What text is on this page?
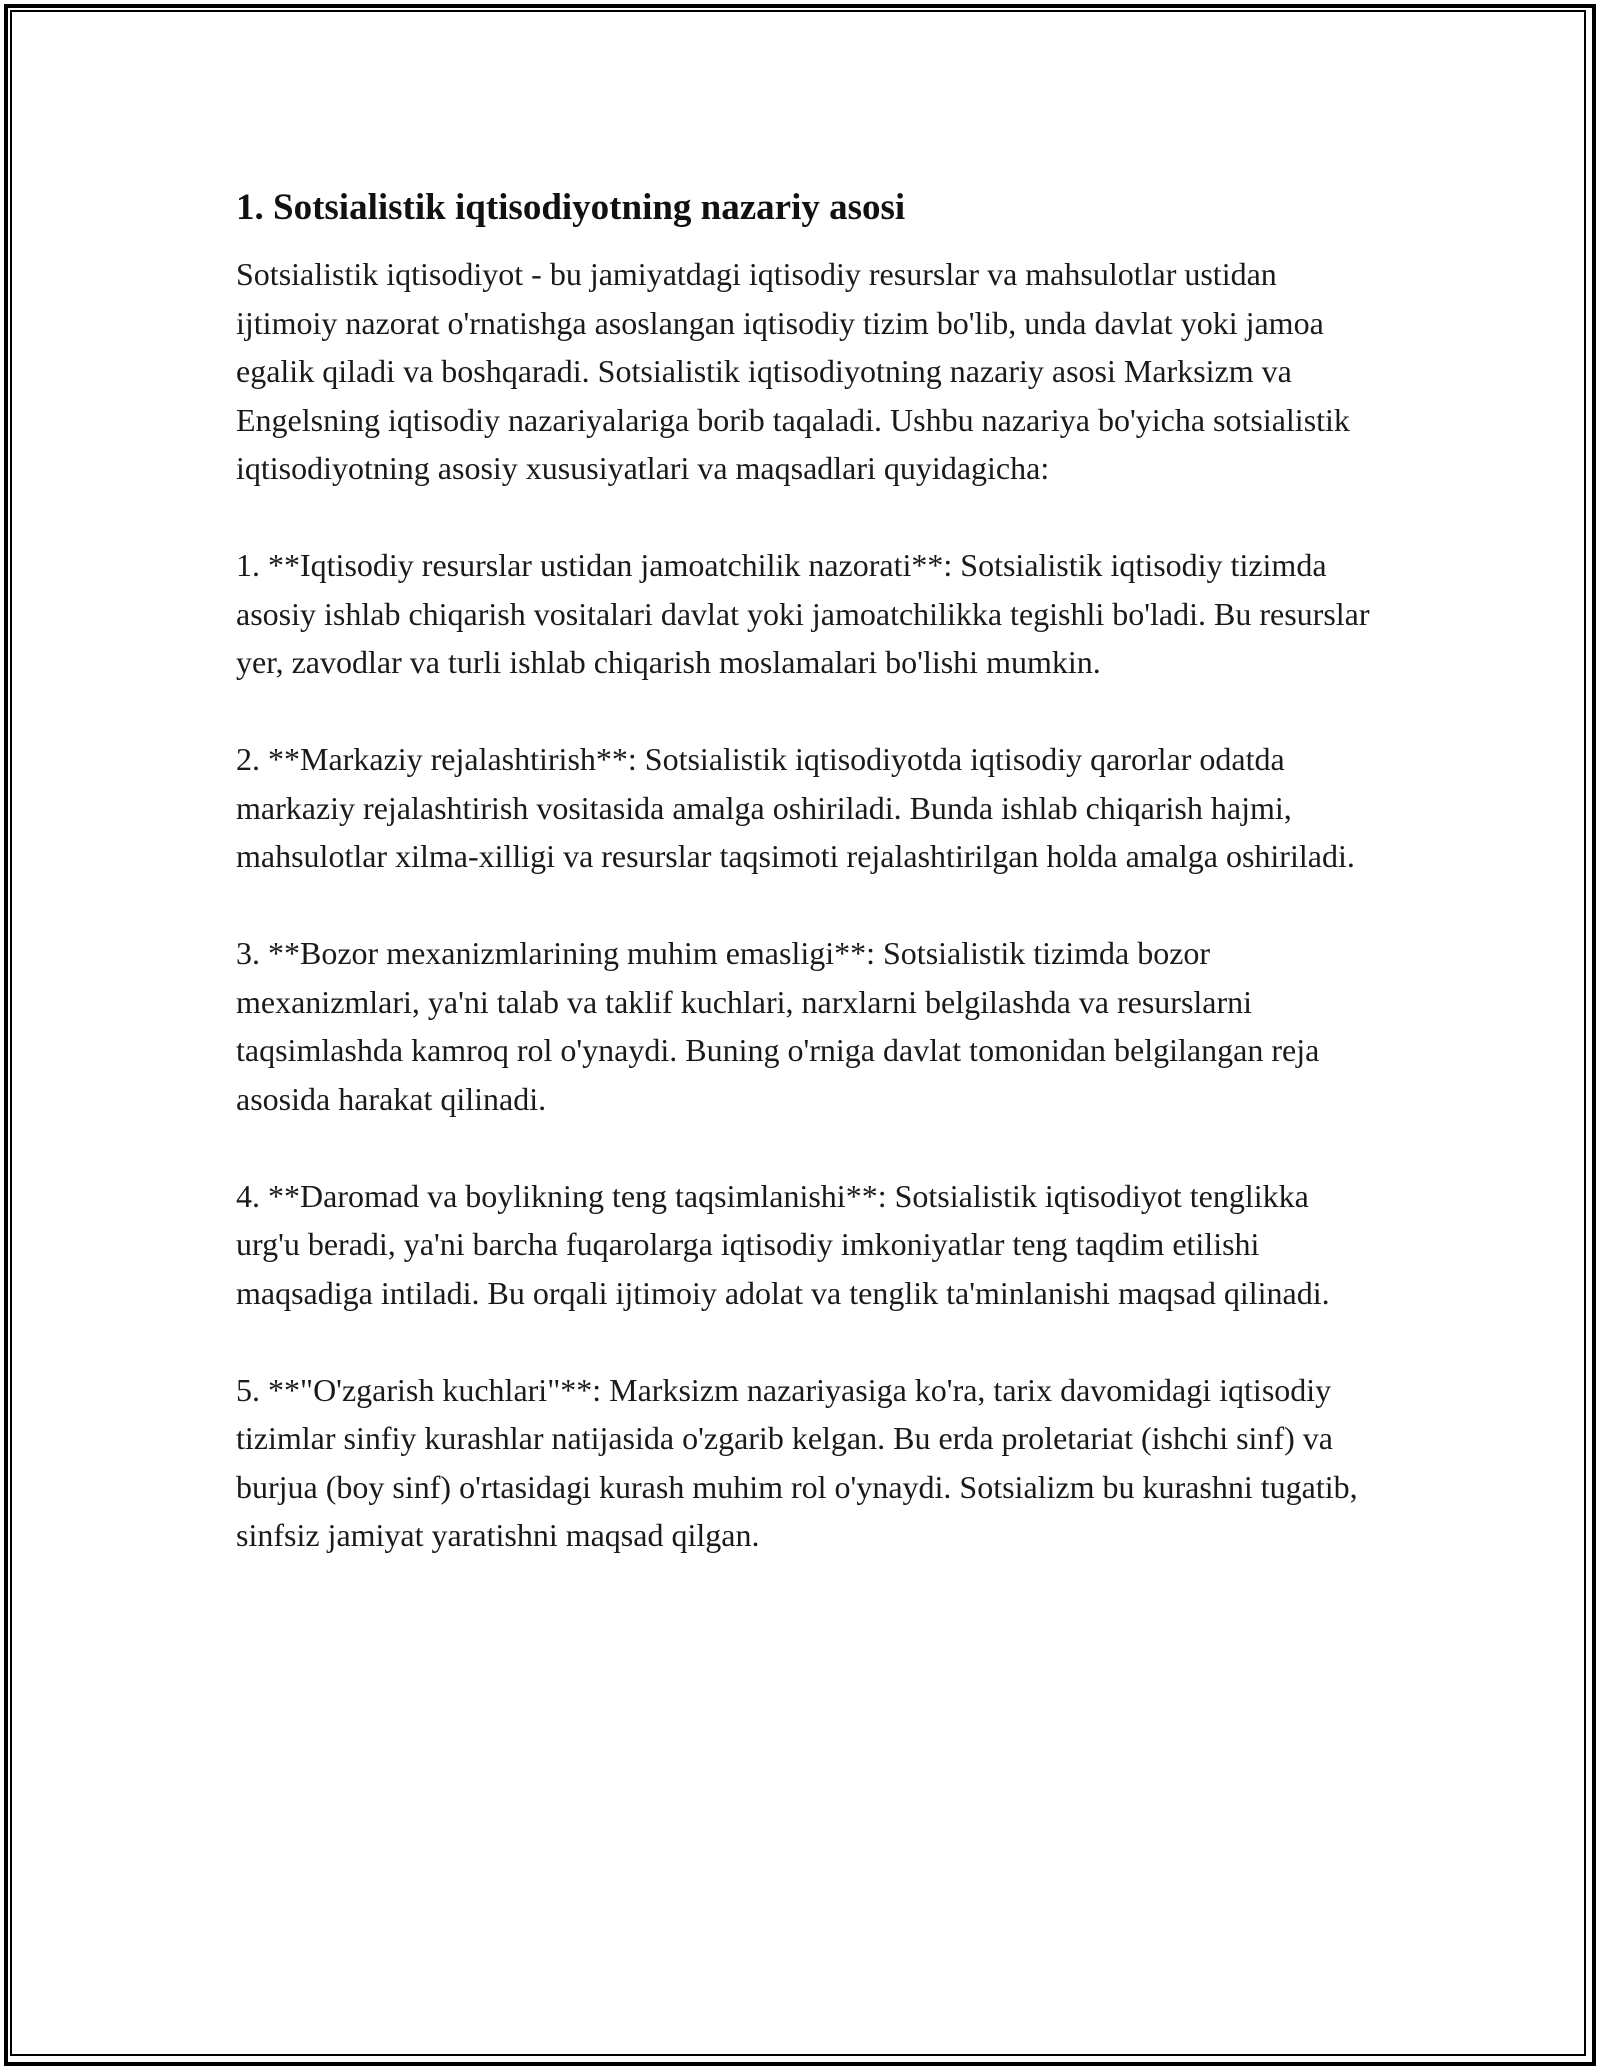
1. Sotsialistik iqtisodiyotning nazariy asosi

Sotsialistik iqtisodiyot - bu jamiyatdagi iqtisodiy resurslar va mahsulotlar ustidan ijtimoiy nazorat o'rnatishga asoslangan iqtisodiy tizim bo'lib, unda davlat yoki jamoa egalik qiladi va boshqaradi. Sotsialistik iqtisodiyotning nazariy asosi Marksizm va Engelsning iqtisodiy nazariyalariga borib taqaladi. Ushbu nazariya bo'yicha sotsialistik iqtisodiyotning asosiy xususiyatlari va maqsadlari quyidagicha:

1. **Iqtisodiy resurslar ustidan jamoatchilik nazorati**: Sotsialistik iqtisodiy tizimda asosiy ishlab chiqarish vositalari davlat yoki jamoatchilikka tegishli bo'ladi. Bu resurslar yer, zavodlar va turli ishlab chiqarish moslamalari bo'lishi mumkin.

2. **Markaziy rejalashtirish**: Sotsialistik iqtisodiyotda iqtisodiy qarorlar odatda markaziy rejalashtirish vositasida amalga oshiriladi. Bunda ishlab chiqarish hajmi, mahsulotlar xilma-xilligi va resurslar taqsimoti rejalashtirilgan holda amalga oshiriladi.

3. **Bozor mexanizmlarining muhim emasligi**: Sotsialistik tizimda bozor mexanizmlari, ya'ni talab va taklif kuchlari, narxlarni belgilashda va resurslarni taqsimlashda kamroq rol o'ynaydi. Buning o'rniga davlat tomonidan belgilangan reja asosida harakat qilinadi.

4. **Daromad va boylikning teng taqsimlanishi**: Sotsialistik iqtisodiyot tenglikka urg'u beradi, ya'ni barcha fuqarolarga iqtisodiy imkoniyatlar teng taqdim etilishi maqsadiga intiladi. Bu orqali ijtimoiy adolat va tenglik ta'minlanishi maqsad qilinadi.

5. **"O'zgarish kuchlari"**: Marksizm nazariyasiga ko'ra, tarix davomidagi iqtisodiy tizimlar sinfiy kurashlar natijasida o'zgarib kelgan. Bu erda proletariat (ishchi sinf) va burjua (boy sinf) o'rtasidagi kurash muhim rol o'ynaydi. Sotsializm bu kurashni tugatib, sinfsiz jamiyat yaratishni maqsad qilgan.
